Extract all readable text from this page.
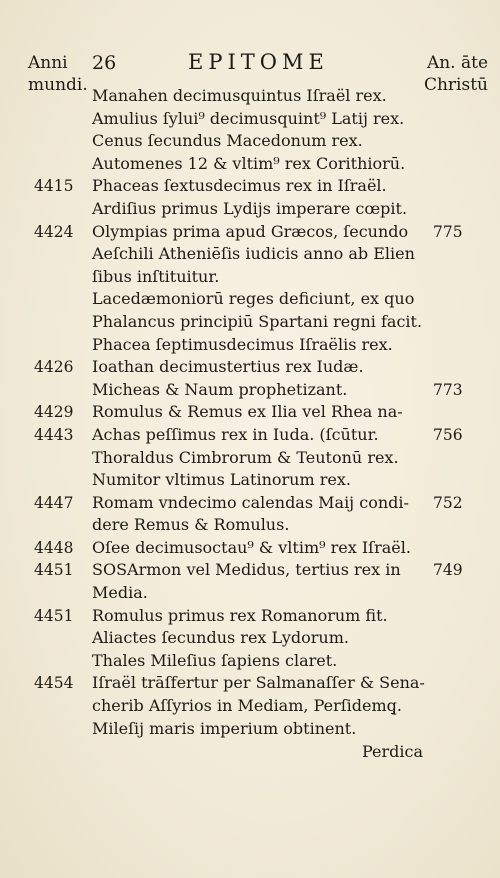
Anni
mundi.
26	EPITOME	An. āte
Christū
Manahen decimusquintus Iſraël rex.
Amulius ſylui⁹ decimusquint⁹ Latij rex.
Cenus ſecundus Macedonum rex.
Automenes 12 & vltim⁹ rex Corithiorū.
4415 Phaceas ſextusdecimus rex in Iſraël.
Ardiſius primus Lydijs imperare cœpit.
4424 Olympias prima apud Græcos, ſecundo 775
Aeſchili Atheniēſis iudicis anno ab Elien
ſibus inſtituitur.
Lacedæmoniorū reges deficiunt, ex quo
Phalancus principiū Spartani regni facit.
Phacea ſeptimusdecimus Iſraëlis rex.
4426 Ioathan decimustertius rex Iudæ.
Micheas & Naum prophetizant.	773
4429 Romulus & Remus ex Ilia vel Rhea na-
4443 Achas peſſimus rex in Iuda. (ſcūtur.	756
Thoraldus Cimbrorum & Teutonū rex.
Numitor vltimus Latinorum rex.
4447 Romam vndecimo calendas Maij condi- 752
dere Remus & Romulus.
4448 Oſee decimusoctau⁹ & vltim⁹ rex Iſraël.
4451 SOSArmon vel Medidus, tertius rex in 749
Media.
4451 Romulus primus rex Romanorum fit.
Aliactes ſecundus rex Lydorum.
Thales Mileſius ſapiens claret.
4454 Iſraël trāſfertur per Salmanaſſer & Sena-
cherib Aſſyrios in Mediam, Perſidemq̧.
Mileſij maris imperium obtinent.
Perdica
